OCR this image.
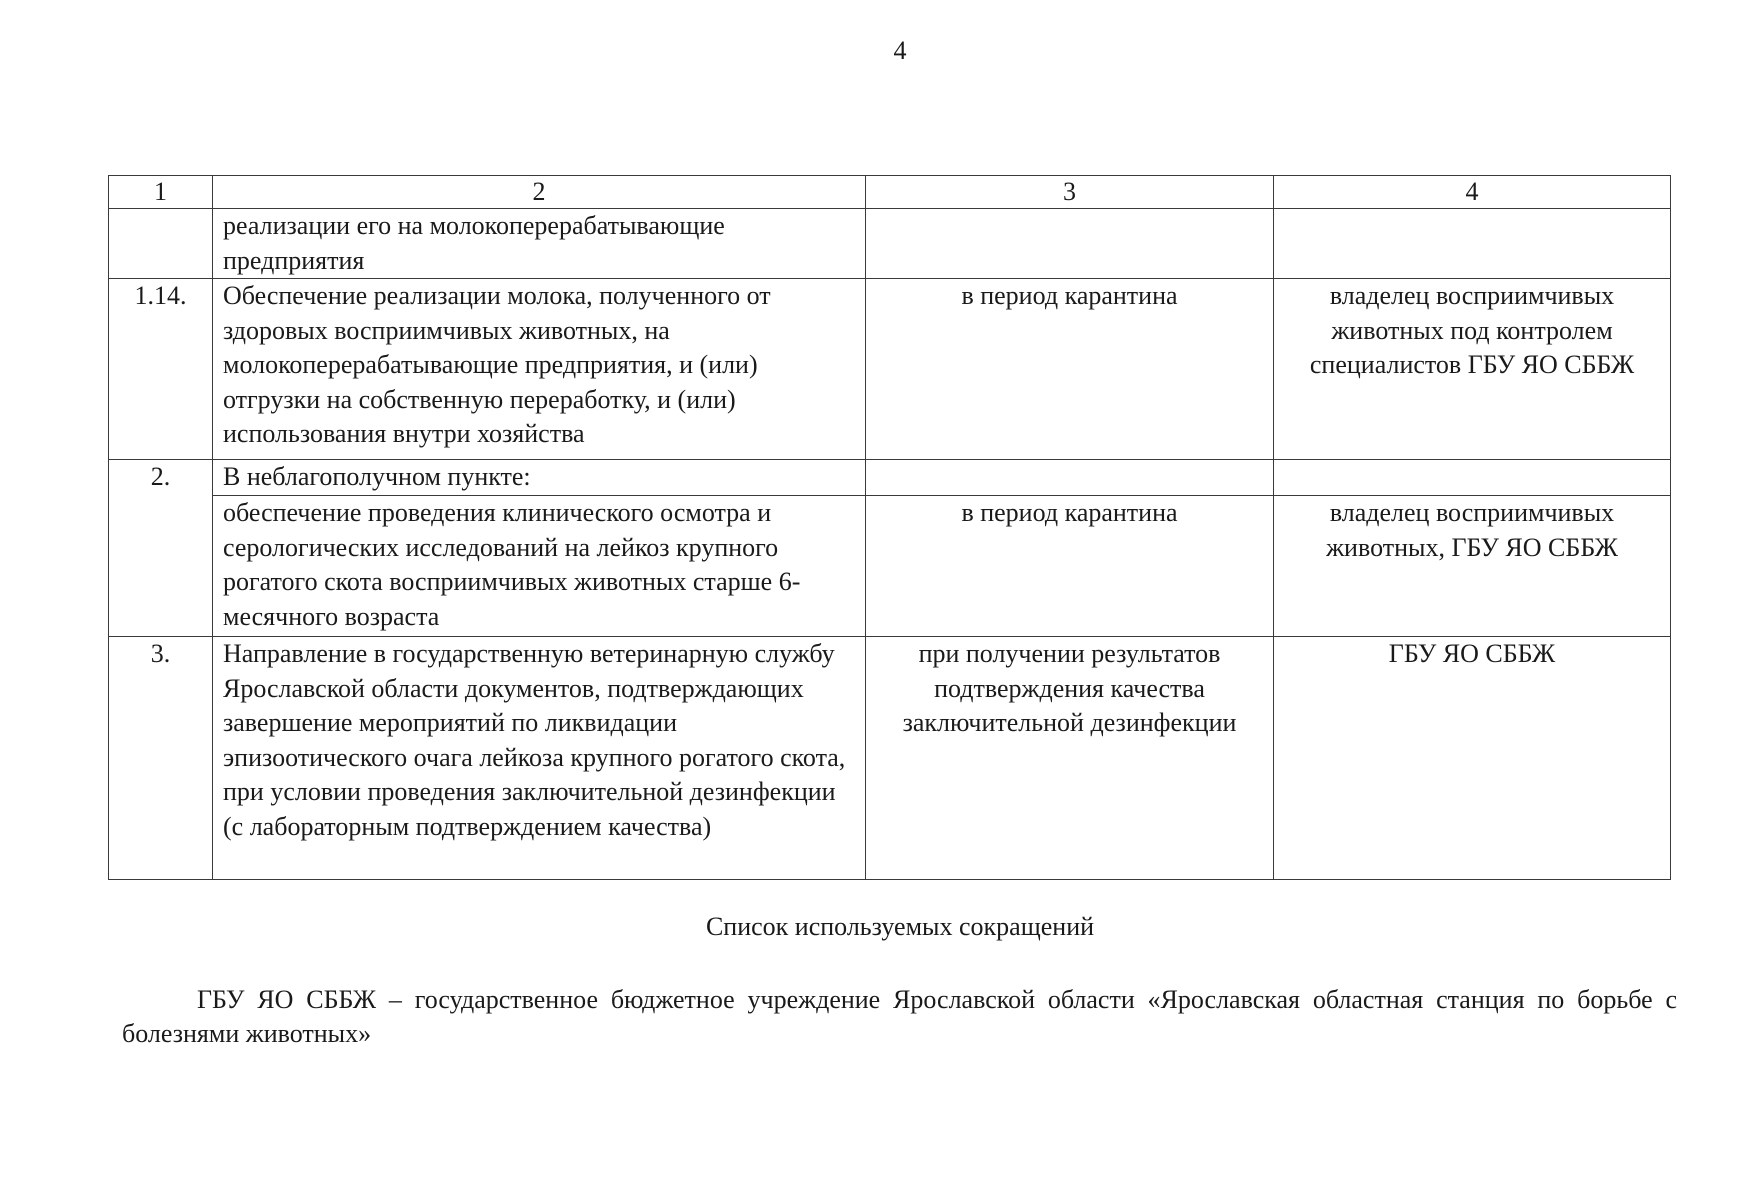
4
1	2	3	4
	реализации его на молокоперерабатывающие предприятия		
1.14.	Обеспечение реализации молока, полученного от здоровых восприимчивых животных, на молокоперерабатывающие предприятия, и (или) отгрузки на собственную переработку, и (или) использования внутри хозяйства	в период карантина	владелец восприимчивых животных под контролем специалистов ГБУ ЯО СББЖ
2.	В неблагополучном пункте:		
	обеспечение проведения клинического осмотра и серологических исследований на лейкоз крупного рогатого скота восприимчивых животных старше 6-месячного возраста	в период карантина	владелец восприимчивых животных, ГБУ ЯО СББЖ
3.	Направление в государственную ветеринарную службу Ярославской области документов, подтверждающих завершение мероприятий по ликвидации эпизоотического очага лейкоза крупного рогатого скота, при условии проведения заключительной дезинфекции (с лабораторным подтверждением качества)	при получении результатов подтверждения качества заключительной дезинфекции	ГБУ ЯО СББЖ
Список используемых сокращений
ГБУ ЯО СББЖ – государственное бюджетное учреждение Ярославской области «Ярославская областная станция по борьбе с болезнями животных»
